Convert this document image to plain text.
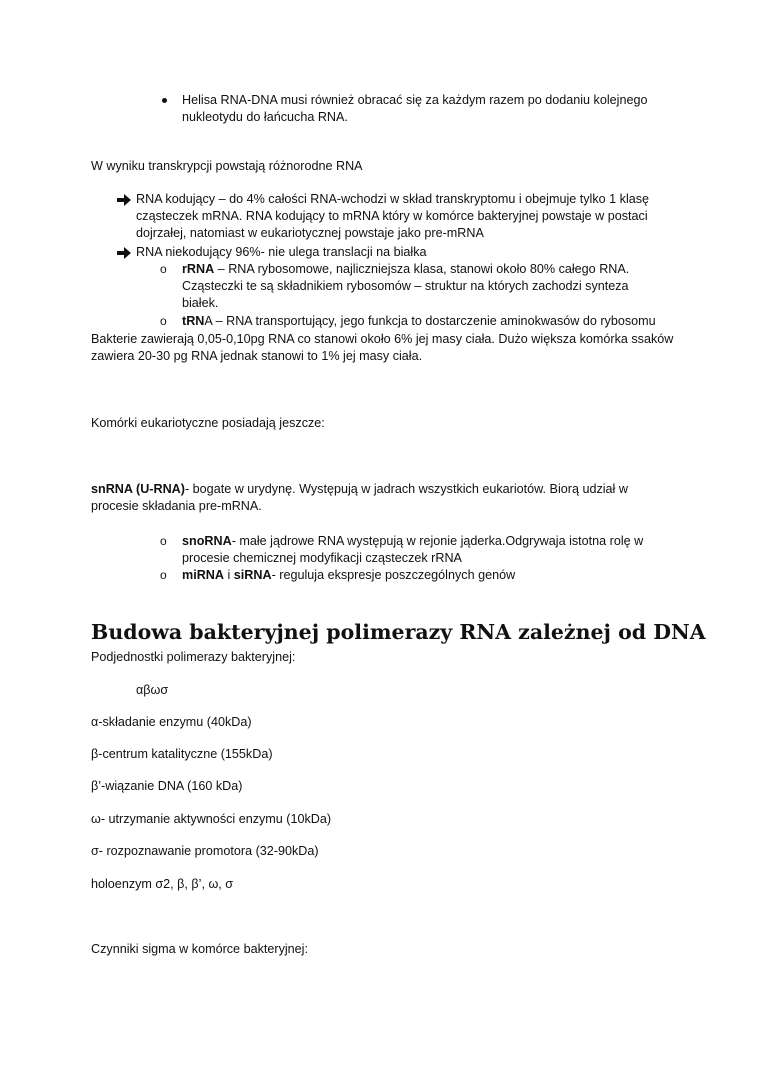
Helisa RNA-DNA musi również obracać się za każdym razem po dodaniu kolejnego nukleotydu do łańcucha RNA.
W wyniku transkrypcji powstają różnorodne RNA
RNA kodujący – do 4% całości RNA-wchodzi w skład transkryptomu i obejmuje tylko 1 klasę cząsteczek mRNA. RNA kodujący to mRNA który w komórce bakteryjnej powstaje w postaci dojrzałej, natomiast w eukariotycznej powstaje jako pre-mRNA
RNA niekodujący 96%- nie ulega translacji na białka
o rRNA – RNA rybosomowe, najliczniejsza klasa, stanowi około 80% całego RNA. Cząsteczki te są składnikiem rybosomów – struktur na których zachodzi synteza białek.
o tRNA – RNA transportujący, jego funkcja to dostarczenie aminokwasów do rybosomu
Bakterie zawierają 0,05-0,10pg RNA co stanowi około 6% jej masy ciała. Dużo większa komórka ssaków zawiera 20-30 pg RNA jednak stanowi to 1% jej masy ciała.
Komórki eukariotyczne posiadają jeszcze:
snRNA (U-RNA)- bogate w urydynę. Występują w jadrach wszystkich eukariotów. Biorą udział w procesie składania pre-mRNA.
o snoRNA- małe jądrowe RNA występują w rejonie jąderka.Odgrywaja istotna rolę w procesie chemicznej modyfikacji cząsteczek rRNA
o miRNA i siRNA- reguluja ekspresje poszczególnych genów
Budowa bakteryjnej polimerazy RNA zależnej od DNA
Podjednostki polimerazy bakteryjnej:
αβωσ
α-składanie enzymu (40kDa)
β-centrum katalityczne (155kDa)
β’-wiązanie DNA (160 kDa)
ω- utrzymanie aktywności enzymu (10kDa)
σ- rozpoznawanie promotora (32-90kDa)
holoenzym σ2, β, β’, ω, σ
Czynniki sigma w komórce bakteryjnej:
